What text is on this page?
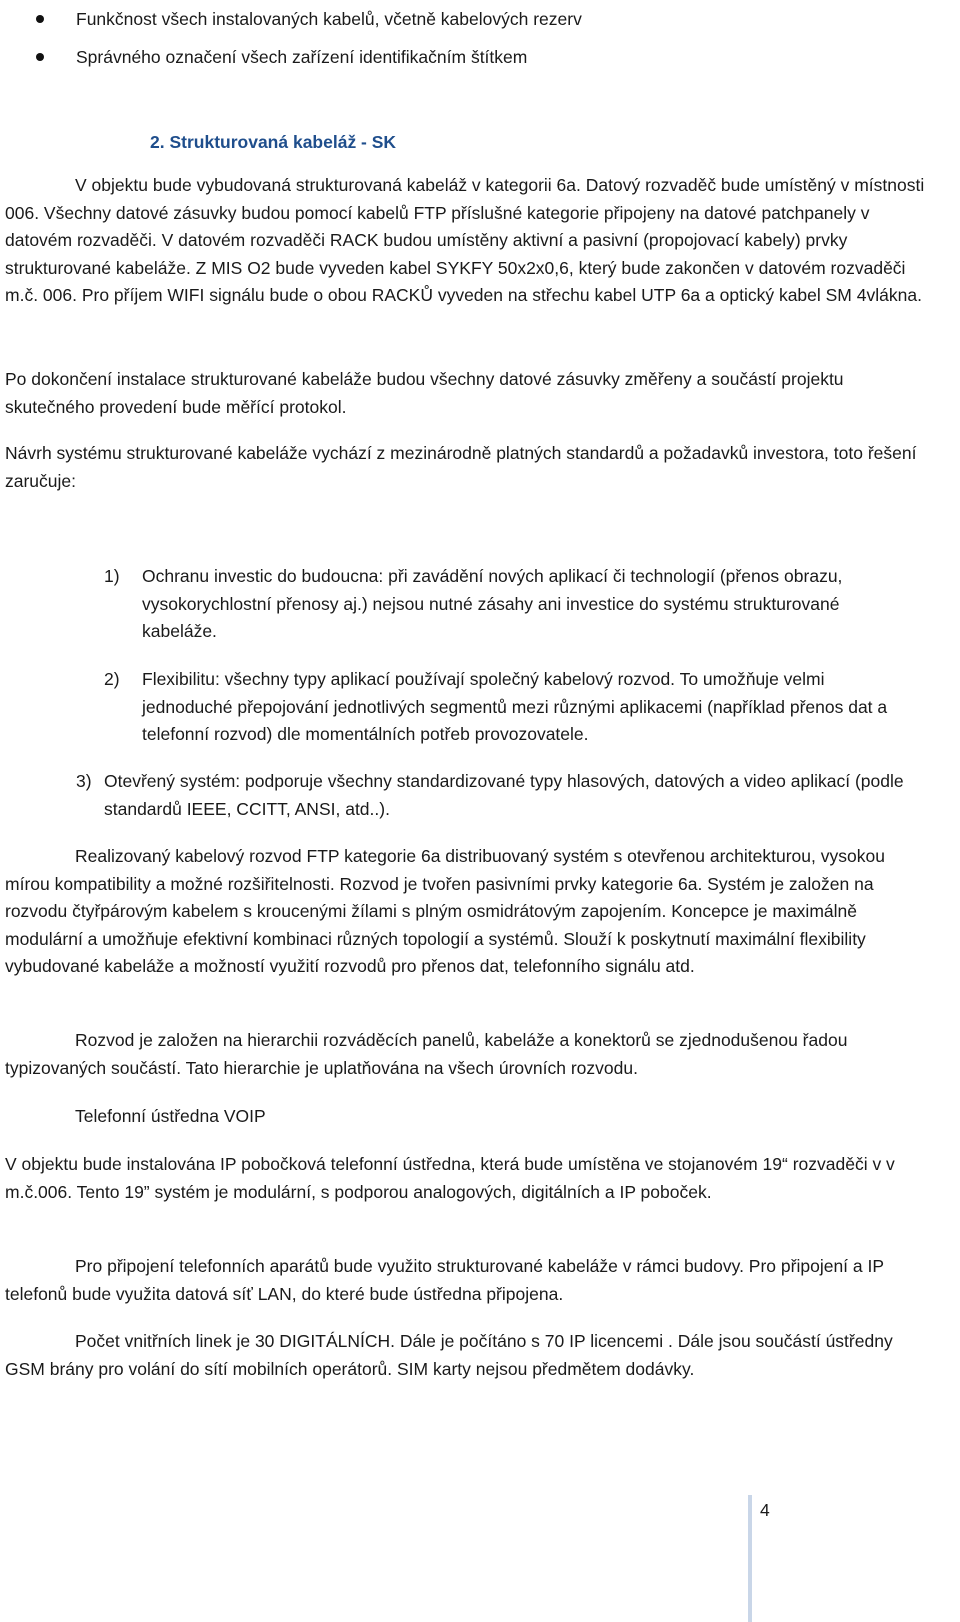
Funkčnost všech instalovaných kabelů, včetně kabelových rezerv
Správného označení všech zařízení identifikačním štítkem
2. Strukturovaná kabeláž - SK

V objektu bude vybudovaná strukturovaná kabeláž v kategorii 6a. Datový rozvaděč bude umístěný v místnosti 006. Všechny datové zásuvky budou pomocí kabelů FTP příslušné kategorie připojeny na datové patchpanely v datovém rozvaděči. V datovém rozvaděči RACK budou umístěny aktivní a pasivní (propojovací kabely) prvky strukturované kabeláže. Z MIS O2 bude vyveden kabel SYKFY 50x2x0,6, který bude zakončen v datovém rozvaděči m.č. 006. Pro příjem WIFI signálu bude o obou RACKŮ vyveden na střechu kabel UTP 6a a optický kabel SM 4vlákna.

Po dokončení instalace strukturované kabeláže budou všechny datové zásuvky změřeny a součástí projektu skutečného provedení bude měřící protokol.

Návrh systému strukturované kabeláže vychází z mezinárodně platných standardů a požadavků investora, toto řešení zaručuje:

1) Ochranu investic do budoucna: při zavádění nových aplikací či technologií (přenos obrazu, vysokorychlostní přenosy aj.) nejsou nutné zásahy ani investice do systému strukturované kabeláže.
2) Flexibilitu: všechny typy aplikací používají společný kabelový rozvod. To umožňuje velmi jednoduché přepojování jednotlivých segmentů mezi různými aplikacemi (například přenos dat a telefonní rozvod) dle momentálních potřeb provozovatele.
3) Otevřený systém: podporuje všechny standardizované typy hlasových, datových a video aplikací (podle standardů IEEE, CCITT, ANSI, atd..).

Realizovaný kabelový rozvod FTP kategorie 6a distribuovaný systém s otevřenou architekturou, vysokou mírou kompatibility a možné rozšiřitelnosti. Rozvod je tvořen pasivními prvky kategorie 6a. Systém je založen na rozvodu čtyřpárovým kabelem s kroucenými žílami s plným osmidrátovým zapojením. Koncepce je maximálně modulární a umožňuje efektivní kombinaci různých topologií a systémů. Slouží k poskytnutí maximální flexibility vybudované kabeláže a možností využití rozvodů pro přenos dat, telefonního signálu atd.

Rozvod je založen na hierarchii rozváděcích panelů, kabeláže a konektorů se zjednodušenou řadou typizovaných součástí. Tato hierarchie je uplatňována na všech úrovních rozvodu.

Telefonní ústředna VOIP

V objektu bude instalována IP pobočková telefonní ústředna, která bude umístěna ve stojanovém 19“ rozvaděči v v m.č.006. Tento 19” systém je modulární, s podporou analogových, digitálních a IP poboček.

Pro připojení telefonních aparátů bude využito strukturované kabeláže v rámci budovy. Pro připojení a IP telefonů bude využita datová síť LAN, do které bude ústředna připojena.

Počet vnitřních linek je 30 DIGITÁLNÍCH. Dále je počítáno s 70 IP licencemi . Dále jsou součástí ústředny GSM brány pro volání do sítí mobilních operátorů. SIM karty nejsou předmětem dodávky.

4
